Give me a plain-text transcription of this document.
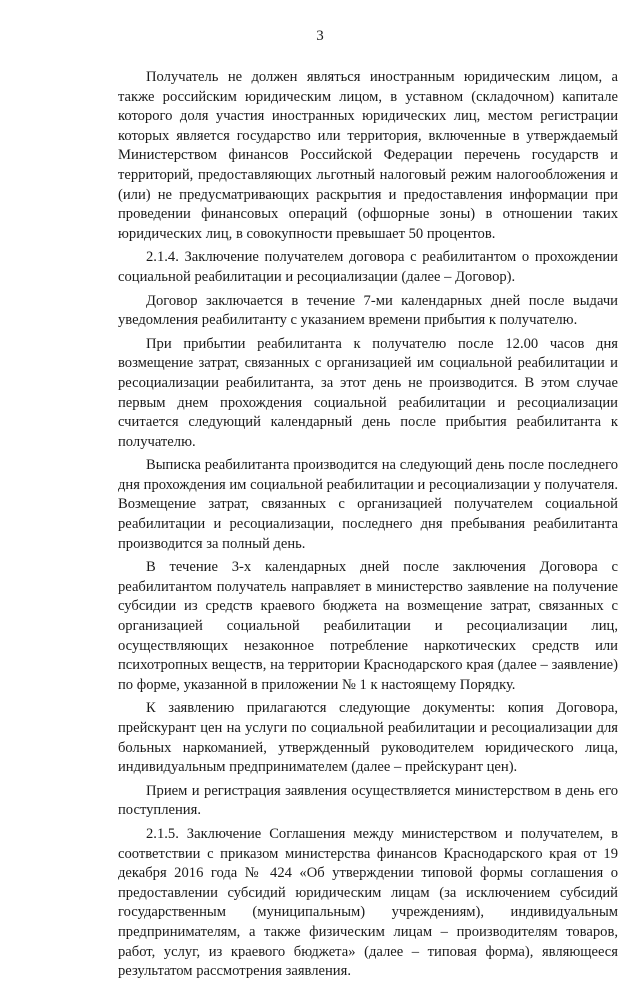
3

Получатель не должен являться иностранным юридическим лицом, а также российским юридическим лицом, в уставном (складочном) капитале которого доля участия иностранных юридических лиц, местом регистрации которых является государство или территория, включенные в утверждаемый Министерством финансов Российской Федерации перечень государств и территорий, предоставляющих льготный налоговый режим налогообложения и (или) не предусматривающих раскрытия и предоставления информации при проведении финансовых операций (офшорные зоны) в отношении таких юридических лиц, в совокупности превышает 50 процентов.

2.1.4. Заключение получателем договора с реабилитантом о прохождении социальной реабилитации и ресоциализации (далее – Договор).

Договор заключается в течение 7-ми календарных дней после выдачи уведомления реабилитанту с указанием времени прибытия к получателю.

При прибытии реабилитанта к получателю после 12.00 часов дня возмещение затрат, связанных с организацией им социальной реабилитации и ресоциализации реабилитанта, за этот день не производится. В этом случае первым днем прохождения социальной реабилитации и ресоциализации считается следующий календарный день после прибытия реабилитанта к получателю.

Выписка реабилитанта производится на следующий день после последнего дня прохождения им социальной реабилитации и ресоциализации у получателя. Возмещение затрат, связанных с организацией получателем социальной реабилитации и ресоциализации, последнего дня пребывания реабилитанта производится за полный день.

В течение 3-х календарных дней после заключения Договора с реабилитантом получатель направляет в министерство заявление на получение субсидии из средств краевого бюджета на возмещение затрат, связанных с организацией социальной реабилитации и ресоциализации лиц, осуществляющих незаконное потребление наркотических средств или психотропных веществ, на территории Краснодарского края (далее – заявление) по форме, указанной в приложении № 1 к настоящему Порядку.

К заявлению прилагаются следующие документы: копия Договора, прейскурант цен на услуги по социальной реабилитации и ресоциализации для больных наркоманией, утвержденный руководителем юридического лица, индивидуальным предпринимателем (далее – прейскурант цен).

Прием и регистрация заявления осуществляется министерством в день его поступления.

2.1.5. Заключение Соглашения между министерством и получателем, в соответствии с приказом министерства финансов Краснодарского края от 19 декабря 2016 года № 424 «Об утверждении типовой формы соглашения о предоставлении субсидий юридическим лицам (за исключением субсидий государственным (муниципальным) учреждениям), индивидуальным предпринимателям, а также физическим лицам – производителям товаров, работ, услуг, из краевого бюджета» (далее – типовая форма), являющееся результатом рассмотрения заявления.
